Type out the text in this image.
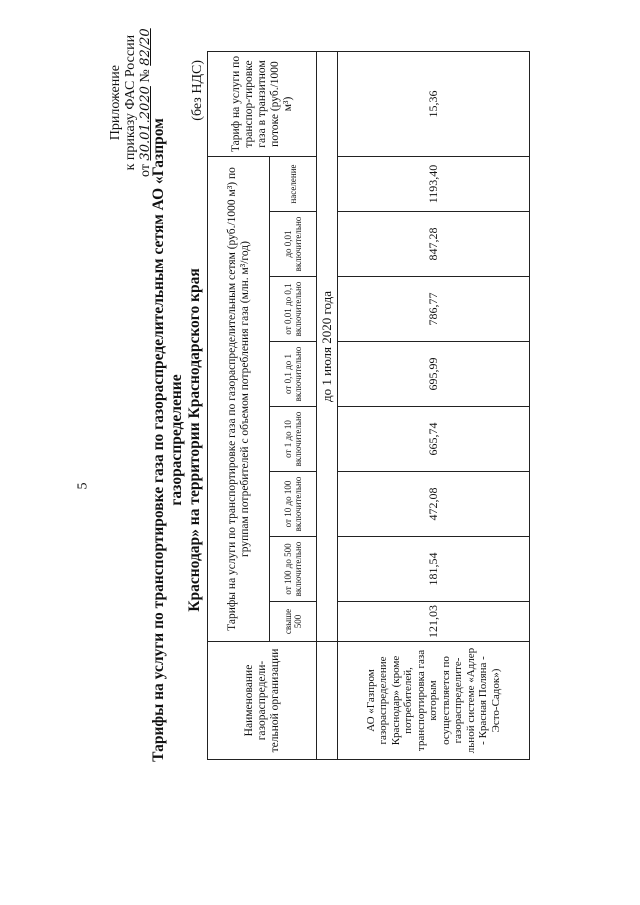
5
Приложение к приказу ФАС России
от 30.01.2020 № 82/20
Тарифы на услуги по транспортировке газа по газораспределительным сетям АО «Газпром газораспределение Краснодар» на территории Краснодарского края
(без НДС)
Наименование газораспредели-тельной организации	Тарифы на услуги по транспортировке газа по газораспределительным сетям (руб./1000 м³) по группам потребителей с объемом потребления газа (млн. м³/год)								Тариф на услуги по транспор-тировке газа в транзитном потоке (руб./1000 м³)
	свыше 500	от 100 до 500 включительно	от 10 до 100 включительно	от 1 до 10 включительно	от 0,1 до 1 включительно	от 0,01 до 0,1 включительно	до 0,01 включительно	население	
	до 1 июля 2020 года								
АО «Газпром газораспределение Краснодар» (кроме потребителей, транспортировка газа которым осуществляется по газораспределите-льной системе «Адлер - Красная Поляна - Эсто-Садок»)	121,03	181,54	472,08	665,74	695,99	786,77	847,28	1193,40	15,36
